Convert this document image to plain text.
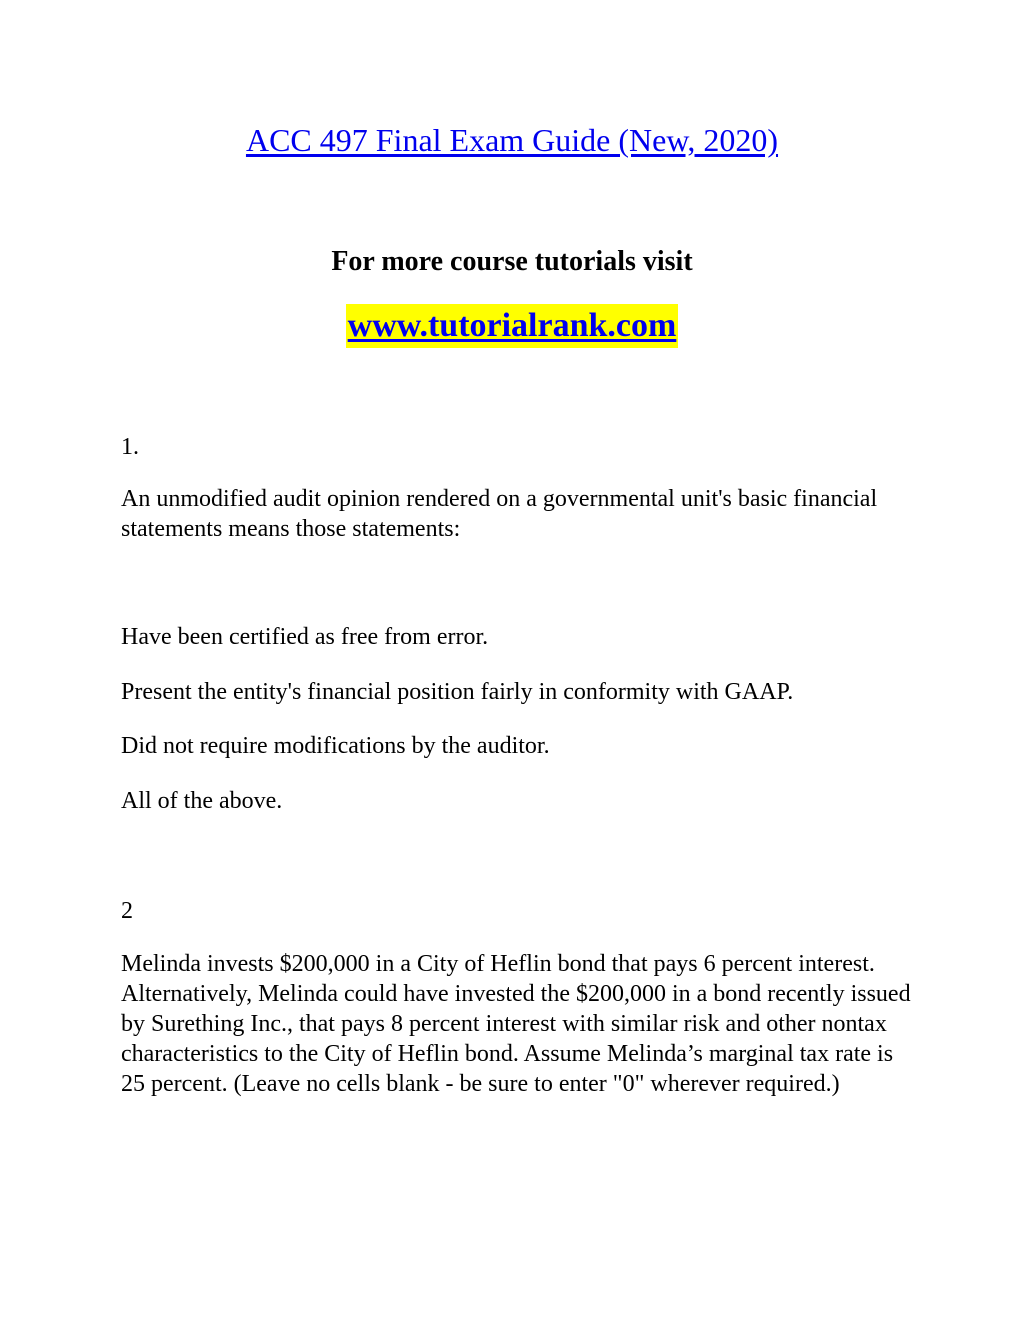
ACC 497 Final Exam Guide (New, 2020)
For more course tutorials visit
www.tutorialrank.com
1.
An unmodified audit opinion rendered on a governmental unit's basic financial statements means those statements:
Have been certified as free from error.
Present the entity's financial position fairly in conformity with GAAP.
Did not require modifications by the auditor.
All of the above.
2
Melinda invests $200,000 in a City of Heflin bond that pays 6 percent interest. Alternatively, Melinda could have invested the $200,000 in a bond recently issued by Surething Inc., that pays 8 percent interest with similar risk and other nontax characteristics to the City of Heflin bond. Assume Melinda’s marginal tax rate is 25 percent. (Leave no cells blank - be sure to enter "0" wherever required.)
